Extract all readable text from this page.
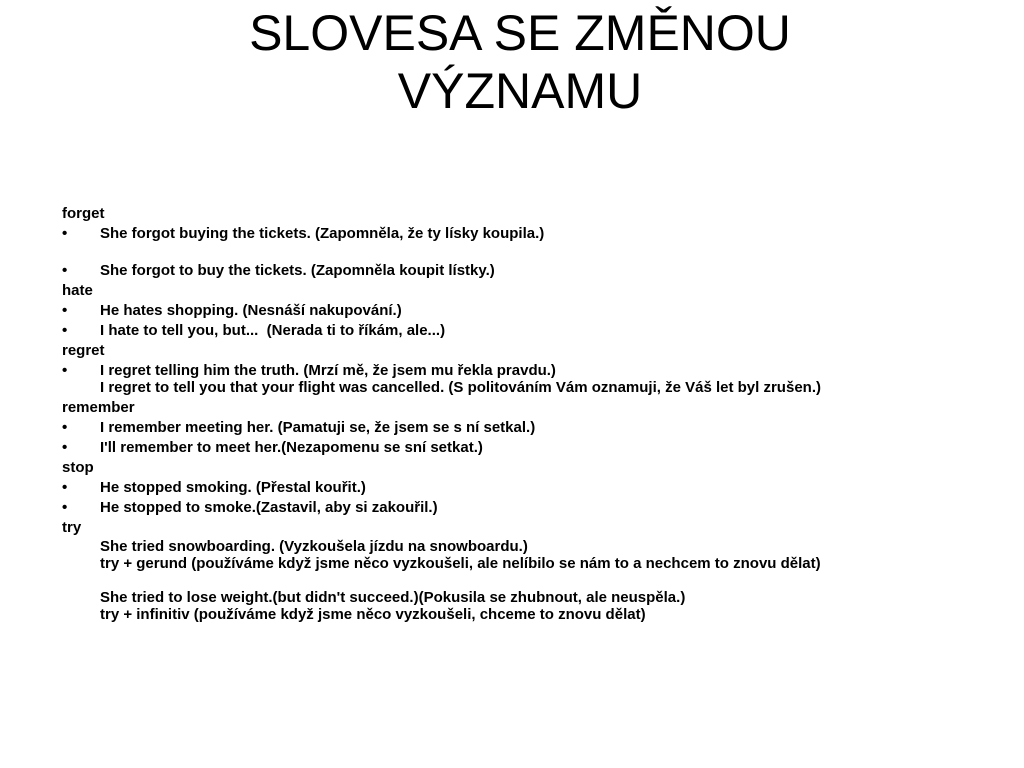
SLOVESA SE ZMĚNOU
VÝZNAMU
forget
• She forgot buying the tickets. (Zapomněla, že ty lísky koupila.)
• She forgot to buy the tickets. (Zapomněla koupit lístky.)
hate
• He hates shopping. (Nesnáší nakupování.)
• I hate to tell you, but...  (Nerada ti to říkám, ale...)
regret
• I regret telling him the truth. (Mrzí mě, že jsem mu řekla pravdu.)
I regret to tell you that your flight was cancelled. (S politováním Vám oznamuji, že Váš let byl zrušen.)
remember
• I remember meeting her. (Pamatuji se, že jsem se s ní setkal.)
• I'll remember to meet her.(Nezapomenu se sní setkat.)
stop
• He stopped smoking. (Přestal kouřit.)
• He stopped to smoke.(Zastavil, aby si zakouřil.)
try
She tried snowboarding. (Vyzkoušela jízdu na snowboardu.)
try + gerund (používáme když jsme něco vyzkoušeli, ale nelíbilo se nám to a nechcem to znovu dělat)
She tried to lose weight.(but didn't succeed.)(Pokusila se zhubnout, ale neuspěla.)
try + infinitiv (používáme když jsme něco vyzkoušeli, chceme to znovu dělat)
